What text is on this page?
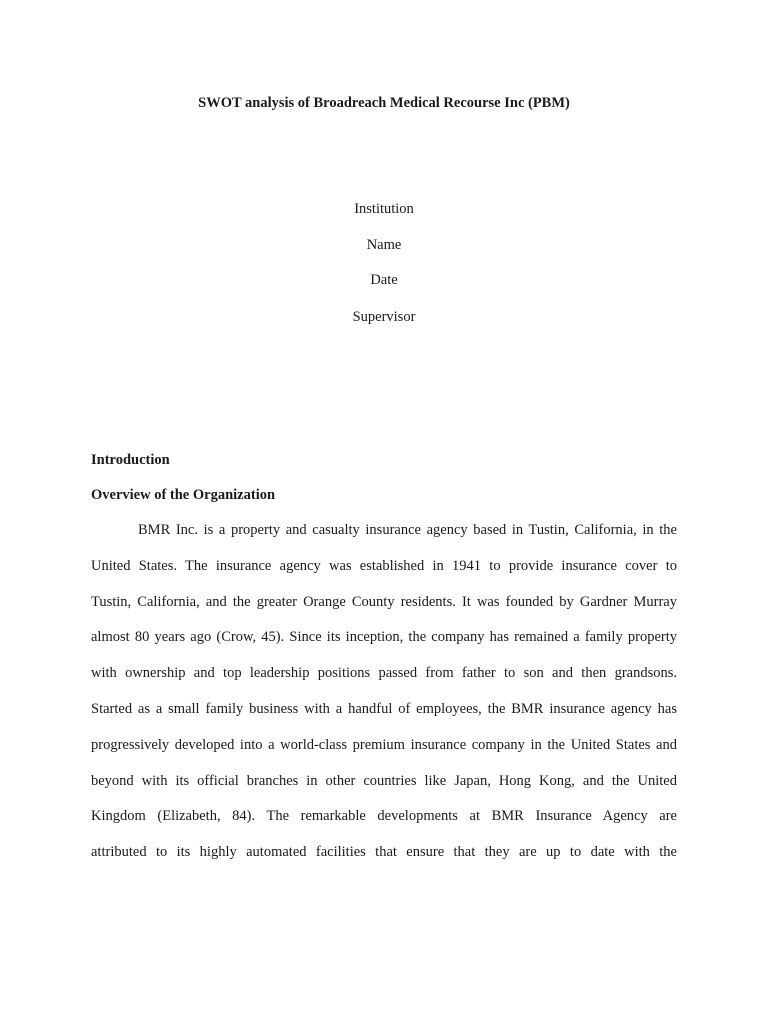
SWOT analysis of Broadreach Medical Recourse Inc (PBM)
Institution
Name
Date
Supervisor
Introduction
Overview of the Organization
BMR Inc. is a property and casualty insurance agency based in Tustin, California, in the
United States. The insurance agency was established in 1941 to provide insurance cover to
Tustin, California, and the greater Orange County residents. It was founded by Gardner Murray
almost 80 years ago (Crow, 45). Since its inception, the company has remained a family property
with ownership and top leadership positions passed from father to son and then grandsons.
Started as a small family business with a handful of employees, the BMR insurance agency has
progressively developed into a world-class premium insurance company in the United States and
beyond with its official branches in other countries like Japan, Hong Kong, and the United
Kingdom (Elizabeth, 84). The remarkable developments at BMR Insurance Agency are
attributed to its highly automated facilities that ensure that they are up to date with the
